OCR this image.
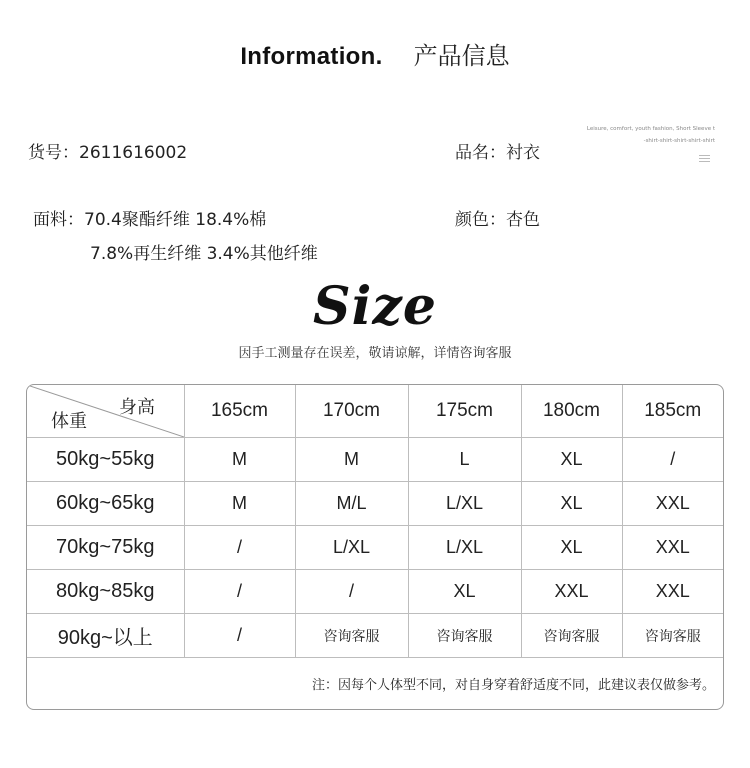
Information. 产品信息
Leisure, comfort, youth fashion, Short Sleeve t
-shirt-shirt-shirt-shirt-shirt
货号：2611616002	品名：衬衣
面料：70.4聚酯纤维 18.4%棉
7.8%再生纤维 3.4%其他纤维
颜色：杏色
Size
因手工测量存在误差，敬请谅解，详情咨询客服
身高
体重	165cm	170cm	175cm	180cm	185cm
50kg~55kg	M	M	L	XL	/
60kg~65kg	M	M/L	L/XL	XL	XXL
70kg~75kg	/	L/XL	L/XL	XL	XXL
80kg~85kg	/	/	XL	XXL	XXL
90kg~以上	/	咨询客服	咨询客服	咨询客服	咨询客服
注：因每个人体型不同，对自身穿着舒适度不同，此建议表仅做参考。
